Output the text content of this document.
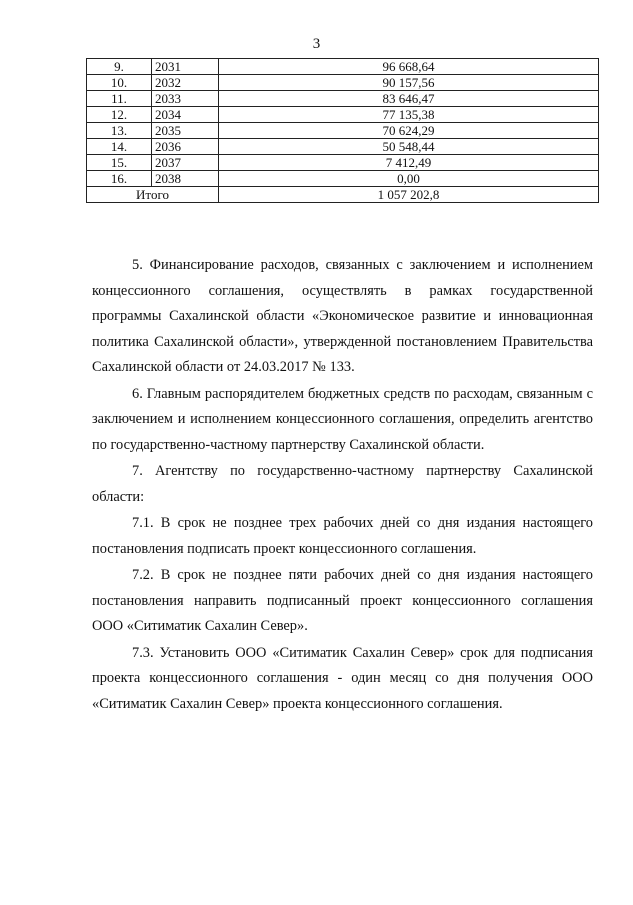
3
9.	2031	96 668,64
10.	2032	90 157,56
11.	2033	83 646,47
12.	2034	77 135,38
13.	2035	70 624,29
14.	2036	50 548,44
15.	2037	7 412,49
16.	2038	0,00
Итого		1 057 202,8

5. Финансирование расходов, связанных с заключением и исполнением концессионного соглашения, осуществлять в рамках государственной программы Сахалинской области «Экономическое развитие и инновационная политика Сахалинской области», утвержденной постановлением Правительства Сахалинской области от 24.03.2017 № 133.

6. Главным распорядителем бюджетных средств по расходам, связанным с заключением и исполнением концессионного соглашения, определить агентство по государственно-частному партнерству Сахалинской области.

7. Агентству по государственно-частному партнерству Сахалинской области:

7.1. В срок не позднее трех рабочих дней со дня издания настоящего постановления подписать проект концессионного соглашения.

7.2. В срок не позднее пяти рабочих дней со дня издания настоящего постановления направить подписанный проект концессионного соглашения ООО «Ситиматик Сахалин Север».

7.3. Установить ООО «Ситиматик Сахалин Север» срок для подписания проекта концессионного соглашения - один месяц со дня получения ООО «Ситиматик Сахалин Север» проекта концессионного соглашения.
